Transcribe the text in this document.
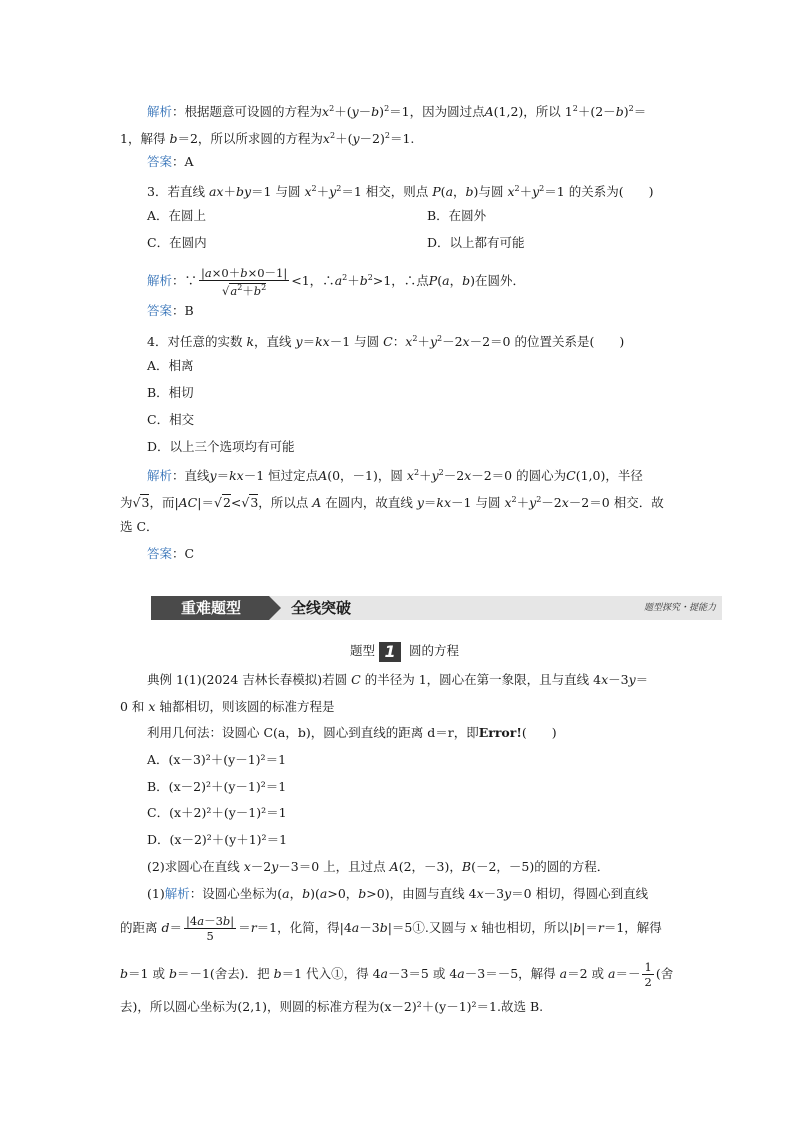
解析：根据题意可设圆的方程为$x^2+(y-b)^2=1$，因为圆过点A(1,2)，所以 $1^2+(2-b)^2=$
1，解得 b＝2，所以所求圆的方程为$x^2+(y-2)^2=1$.
答案：A
3．若直线 ax＋by＝1 与圆 $x^2+y^2=1$ 相交，则点 P(a，b)与圆 $x^2+y^2=1$ 的关系为(　　)
A．在圆上	B．在圆外
C．在圆内	D．以上都有可能
解析：∵ $\frac{|a\times 0+b\times 0-1|}{√a^2+b^2} <1$，$\therefore a^2+b^2>1$，∴点P(a，b)在圆外．
答案：B
4．对任意的实数 k，直线 y＝kx－1 与圆 C：$x^2+y^2-2x-2=0$ 的位置关系是(　　)
A．相离
B．相切
C．相交
D．以上三个选项均有可能
解析：直线y＝kx－1 恒过定点A(0，－1)，圆 $x^2+y^2-2x-2=0$ 的圆心为C(1,0)，半径
为√3，而|AC|＝√2<√3，所以点 A 在圆内，故直线 y＝kx－1 与圆 $x^2+y^2-2x-2=0$ 相交．故
选 C．
答案：C
重难题型	全线突破	题型探究・提能力
题型 1 圆的方程
典例 1(1)(2024 吉林长春模拟)若圆 C 的半径为 1，圆心在第一象限，且与直线 4x－3y＝
0 和 x 轴都相切，则该圆的标准方程是
利用几何法：设圆心 C(a，b)，圆心到直线的距离 d＝r，即Error!(　　)
A．(x－3)²＋(y－1)²＝1
B．(x－2)²＋(y－1)²＝1
C．(x＋2)²＋(y－1)²＝1
D．(x－2)²＋(y＋1)²＝1
(2)求圆心在直线 x－2y－3＝0 上，且过点 A(2，－3)，B(－2，－5)的圆的方程．
(1)解析：设圆心坐标为(a，b)(a>0，b>0)，由圆与直线 4x－3y＝0 相切，得圆心到直线
的距离 $d= \frac{|4a-3b|}{5} =r=1$，化简，得|4a－3b|＝5①.又圆与 x 轴也相切，所以|b|＝r＝1，解得
b＝1 或 b＝－1(舍去)．把 b＝1 代入①，得 4a－3＝5 或 4a－3＝－5，解得 a＝2 或 $a=- \frac{1}{2}$ (舍
去)，所以圆心坐标为(2,1)，则圆的标准方程为(x－2)²＋(y－1)²＝1.故选 B.
